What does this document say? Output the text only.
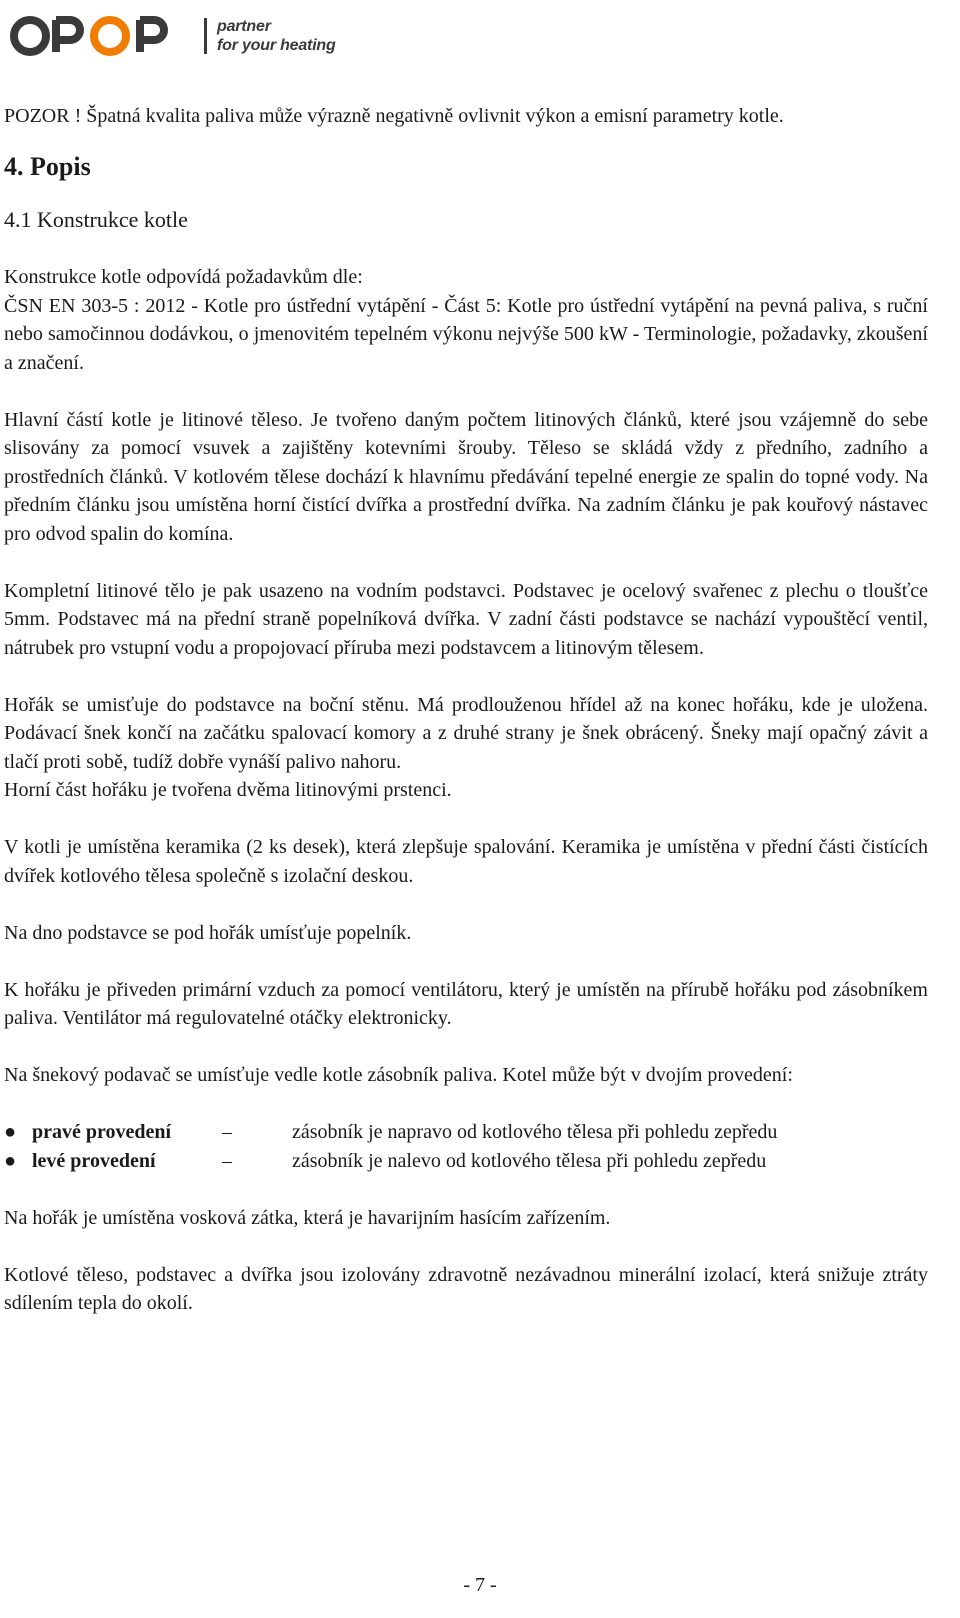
partner
for your heating

POZOR ! Špatná kvalita paliva může výrazně negativně ovlivnit výkon a emisní parametry kotle.

4. Popis
4.1 Konstrukce kotle

Konstrukce kotle odpovídá požadavkům dle:

ČSN EN 303-5 : 2012 - Kotle pro ústřední vytápění - Část 5: Kotle pro ústřední vytápění na pevná paliva, s ruční nebo samočinnou dodávkou, o jmenovitém tepelném výkonu nejvýše 500 kW - Terminologie, požadavky, zkoušení a značení.

Hlavní částí kotle je litinové těleso. Je tvořeno daným počtem litinových článků, které jsou vzájemně do sebe slisovány za pomocí vsuvek a zajištěny kotevními šrouby. Těleso se skládá vždy z předního, zadního a prostředních článků. V kotlovém tělese dochází k hlavnímu předávání tepelné energie ze spalin do topné vody. Na předním článku jsou umístěna horní čistící dvířka a prostřední dvířka. Na zadním článku je pak kouřový nástavec pro odvod spalin do komína.

Kompletní litinové tělo je pak usazeno na vodním podstavci. Podstavec je ocelový svařenec z plechu o tloušťce 5mm. Podstavec má na přední straně popelníková dvířka. V zadní části podstavce se nachází vypouštěcí ventil, nátrubek pro vstupní vodu a propojovací příruba mezi podstavcem a litinovým tělesem.

Hořák se umisťuje do podstavce na boční stěnu. Má prodlouženou hřídel až na konec hořáku, kde je uložena. Podávací šnek končí na začátku spalovací komory a z druhé strany je šnek obrácený. Šneky mají opačný závit a tlačí proti sobě, tudíž dobře vynáší palivo nahoru.

Horní část hořáku je tvořena dvěma litinovými prstenci.

V kotli je umístěna keramika (2 ks desek), která zlepšuje spalování. Keramika je umístěna v přední části čistících dvířek kotlového tělesa společně s izolační deskou.

Na dno podstavce se pod hořák umísťuje popelník.

K hořáku je přiveden primární vzduch za pomocí ventilátoru, který je umístěn na přírubě hořáku pod zásobníkem paliva. Ventilátor má regulovatelné otáčky elektronicky.

Na šnekový podavač se umísťuje vedle kotle zásobník paliva. Kotel může být v dvojím provedení:

● pravé provedení	–	zásobník je napravo od kotlového tělesa při pohledu zepředu
● levé provedení	–	zásobník je nalevo od kotlového tělesa při pohledu zepředu

Na hořák je umístěna vosková zátka, která je havarijním hasícím zařízením.

Kotlové těleso, podstavec a dvířka jsou izolovány zdravotně nezávadnou minerální izolací, která snižuje ztráty sdílením tepla do okolí.

- 7 -
